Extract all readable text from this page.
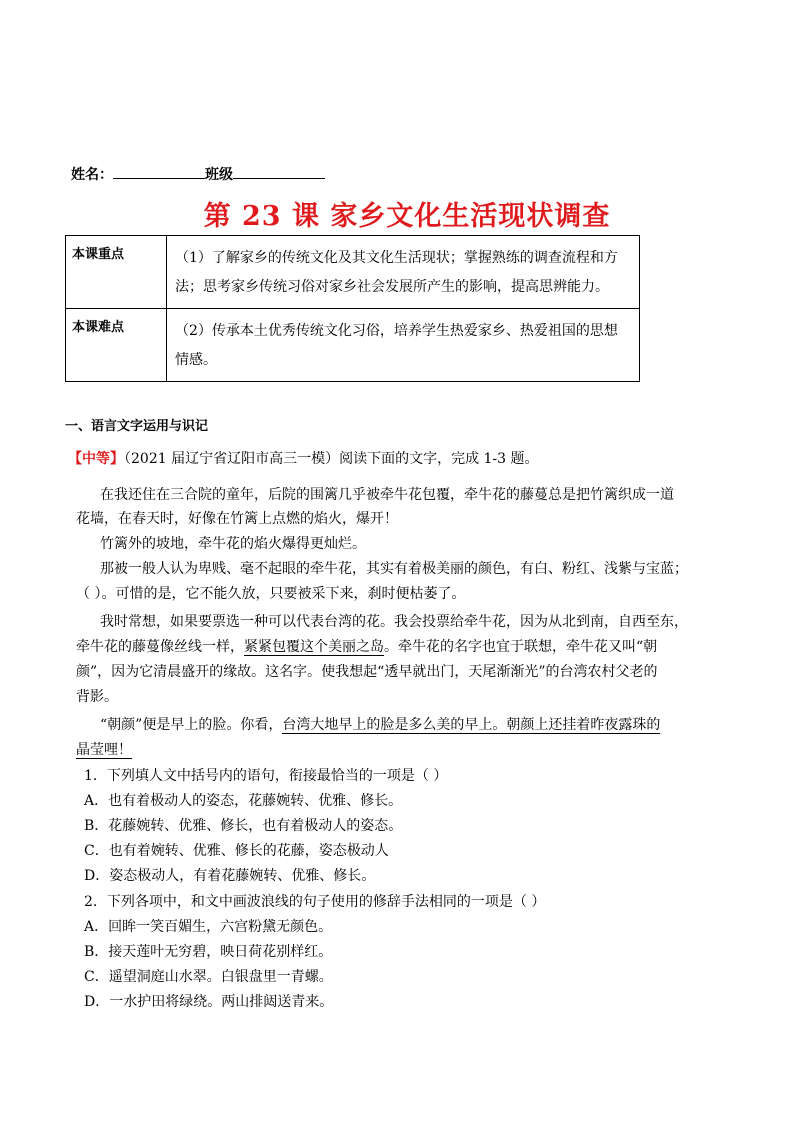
姓名：	班级
第 23 课 家乡文化生活现状调查
本课重点	（1）了解家乡的传统文化及其文化生活现状；掌握熟练的调查流程和方法；思考家乡传统习俗对家乡社会发展所产生的影响，提高思辨能力。
本课难点	（2）传承本土优秀传统文化习俗，培养学生热爱家乡、热爱祖国的思想情感。
一、语言文字运用与识记
【中等】（2021 届辽宁省辽阳市高三一模）阅读下面的文字，完成 1-3 题。
在我还住在三合院的童年，后院的围篱几乎被牵牛花包覆，牵牛花的藤蔓总是把竹篱织成一道
花墙，在春天时，好像在竹篱上点燃的焰火，爆开！
竹篱外的坡地，牵牛花的焰火爆得更灿烂。
那被一般人认为卑贱、毫不起眼的牵牛花，其实有着极美丽的颜色，有白、粉红、浅紫与宝蓝；
（ ）。可惜的是，它不能久放，只要被采下来，刹时便枯萎了。
我时常想，如果要票选一种可以代表台湾的花。我会投票给牵牛花，因为从北到南，自西至东，
牵牛花的藤蔓像丝线一样，紧紧包覆这个美丽之岛。牵牛花的名字也宜于联想，牵牛花又叫“朝
颜”，因为它清晨盛开的缘故。这名字。使我想起“透早就出门，天尾渐渐光”的台湾农村父老的
背影。
“朝颜”便是早上的脸。你看，台湾大地早上的脸是多么美的早上。朝颜上还挂着昨夜露珠的
晶莹哩！
1．下列填人文中括号内的语句，衔接最恰当的一项是（ ）
A．也有着极动人的姿态，花藤婉转、优雅、修长。
B．花藤婉转、优雅、修长，也有着极动人的姿态。
C．也有着婉转、优雅、修长的花藤，姿态极动人
D．姿态极动人，有着花藤婉转、优雅、修长。
2．下列各项中，和文中画波浪线的句子使用的修辞手法相同的一项是（ ）
A．回眸一笑百媚生，六宫粉黛无颜色。
B．接天莲叶无穷碧，映日荷花别样红。
C．遥望洞庭山水翠。白银盘里一青螺。
D．一水护田将绿绕。两山排闼送青来。
